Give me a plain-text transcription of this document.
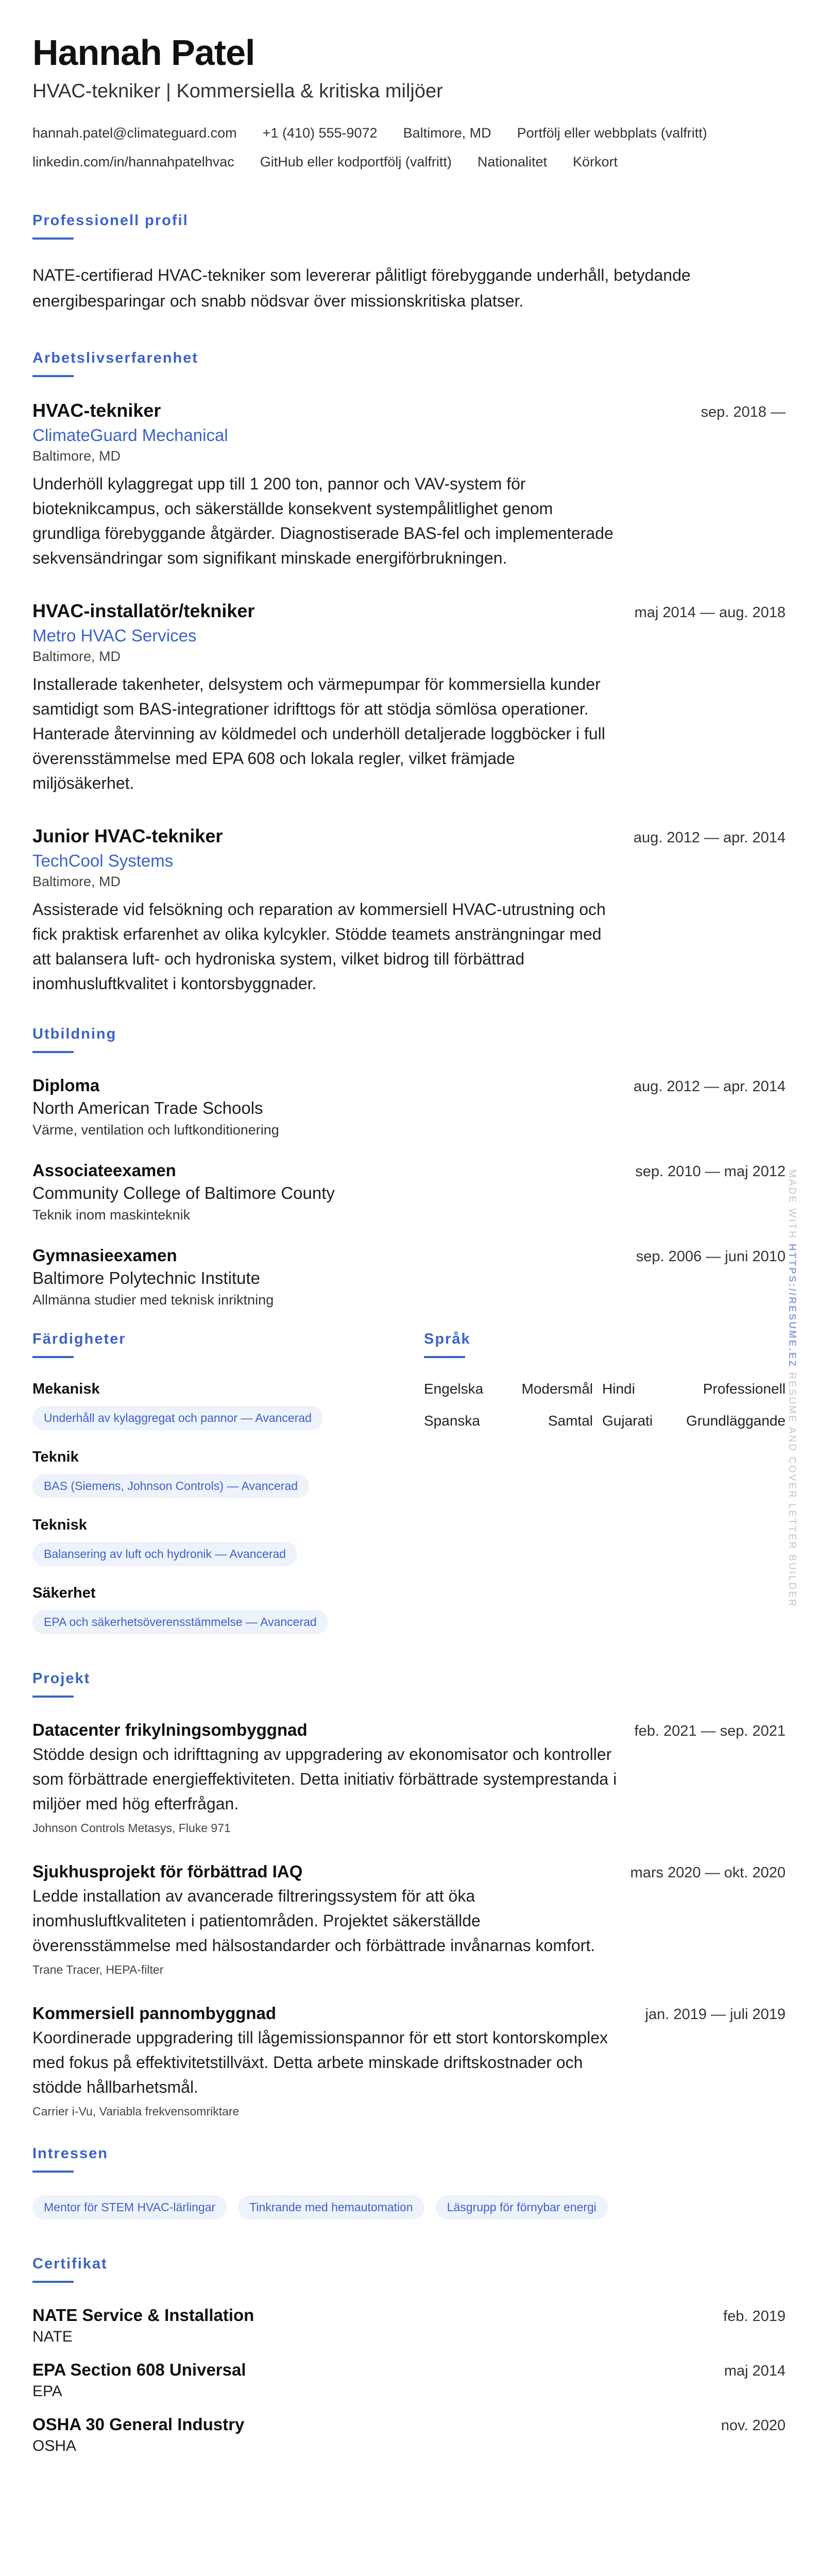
Hannah Patel
HVAC-tekniker | Kommersiella & kritiska miljöer
hannah.patel@climateguard.com +1 (410) 555-9072 Baltimore, MD Portfölj eller webbplats (valfritt)
linkedin.com/in/hannahpatelhvac GitHub eller kodportfölj (valfritt) Nationalitet Körkort
Professionell profil
NATE-certifierad HVAC-tekniker som levererar pålitligt förebyggande underhåll, betydande energibesparingar och snabb nödsvar över missionskritiska platser.
Arbetslivserfarenhet
HVAC-tekniker	sep. 2018 —
ClimateGuard Mechanical
Baltimore, MD
Underhöll kylaggregat upp till 1 200 ton, pannor och VAV-system för bioteknikcampus, och säkerställde konsekvent systempålitlighet genom grundliga förebyggande åtgärder. Diagnostiserade BAS-fel och implementerade sekvensändringar som signifikant minskade energiförbrukningen.
HVAC-installatör/tekniker	maj 2014 — aug. 2018
Metro HVAC Services
Baltimore, MD
Installerade takenheter, delsystem och värmepumpar för kommersiella kunder samtidigt som BAS-integrationer idrifttogs för att stödja sömlösa operationer. Hanterade återvinning av köldmedel och underhöll detaljerade loggböcker i full överensstämmelse med EPA 608 och lokala regler, vilket främjade miljösäkerhet.
Junior HVAC-tekniker	aug. 2012 — apr. 2014
TechCool Systems
Baltimore, MD
Assisterade vid felsökning och reparation av kommersiell HVAC-utrustning och fick praktisk erfarenhet av olika kylcykler. Stödde teamets ansträngningar med att balansera luft- och hydroniska system, vilket bidrog till förbättrad inomhusluftkvalitet i kontorsbyggnader.
Utbildning
Diploma	aug. 2012 — apr. 2014
North American Trade Schools
Värme, ventilation och luftkonditionering
Associateexamen	sep. 2010 — maj 2012
Community College of Baltimore County
Teknik inom maskinteknik
Gymnasieexamen	sep. 2006 — juni 2010
Baltimore Polytechnic Institute
Allmänna studier med teknisk inriktning
Färdigheter
Mekanisk
Underhåll av kylaggregat och pannor — Avancerad
Teknik
BAS (Siemens, Johnson Controls) — Avancerad
Teknisk
Balansering av luft och hydronik — Avancerad
Säkerhet
EPA och säkerhetsöverensstämmelse — Avancerad
Språk
Engelska	Modersmål Hindi	Professionell
Spanska	Samtal Gujarati	Grundläggande
Projekt
Datacenter frikylningsombyggnad	feb. 2021 — sep. 2021
Stödde design och idrifttagning av uppgradering av ekonomisator och kontroller som förbättrade energieffektiviteten. Detta initiativ förbättrade systemprestanda i miljöer med hög efterfrågan.
Johnson Controls Metasys, Fluke 971
Sjukhusprojekt för förbättrad IAQ	mars 2020 — okt. 2020
Ledde installation av avancerade filtreringssystem för att öka inomhusluftkvaliteten i patientområden. Projektet säkerställde överensstämmelse med hälsostandarder och förbättrade invånarnas komfort.
Trane Tracer, HEPA-filter
Kommersiell pannombyggnad	jan. 2019 — juli 2019
Koordinerade uppgradering till lågemissionspannor för ett stort kontorskomplex med fokus på effektivitetstillväxt. Detta arbete minskade driftskostnader och stödde hållbarhetsmål.
Carrier i-Vu, Variabla frekvensomriktare
Intressen
Mentor för STEM HVAC-lärlingar	Tinkrande med hemautomation	Läsgrupp för förnybar energi
Certifikat
NATE Service & Installation	feb. 2019
NATE
EPA Section 608 Universal	maj 2014
EPA
OSHA 30 General Industry	nov. 2020
OSHA
MADE WITH HTTPS://RESUME.EZ RESUME AND COVER LETTER BUILDER
